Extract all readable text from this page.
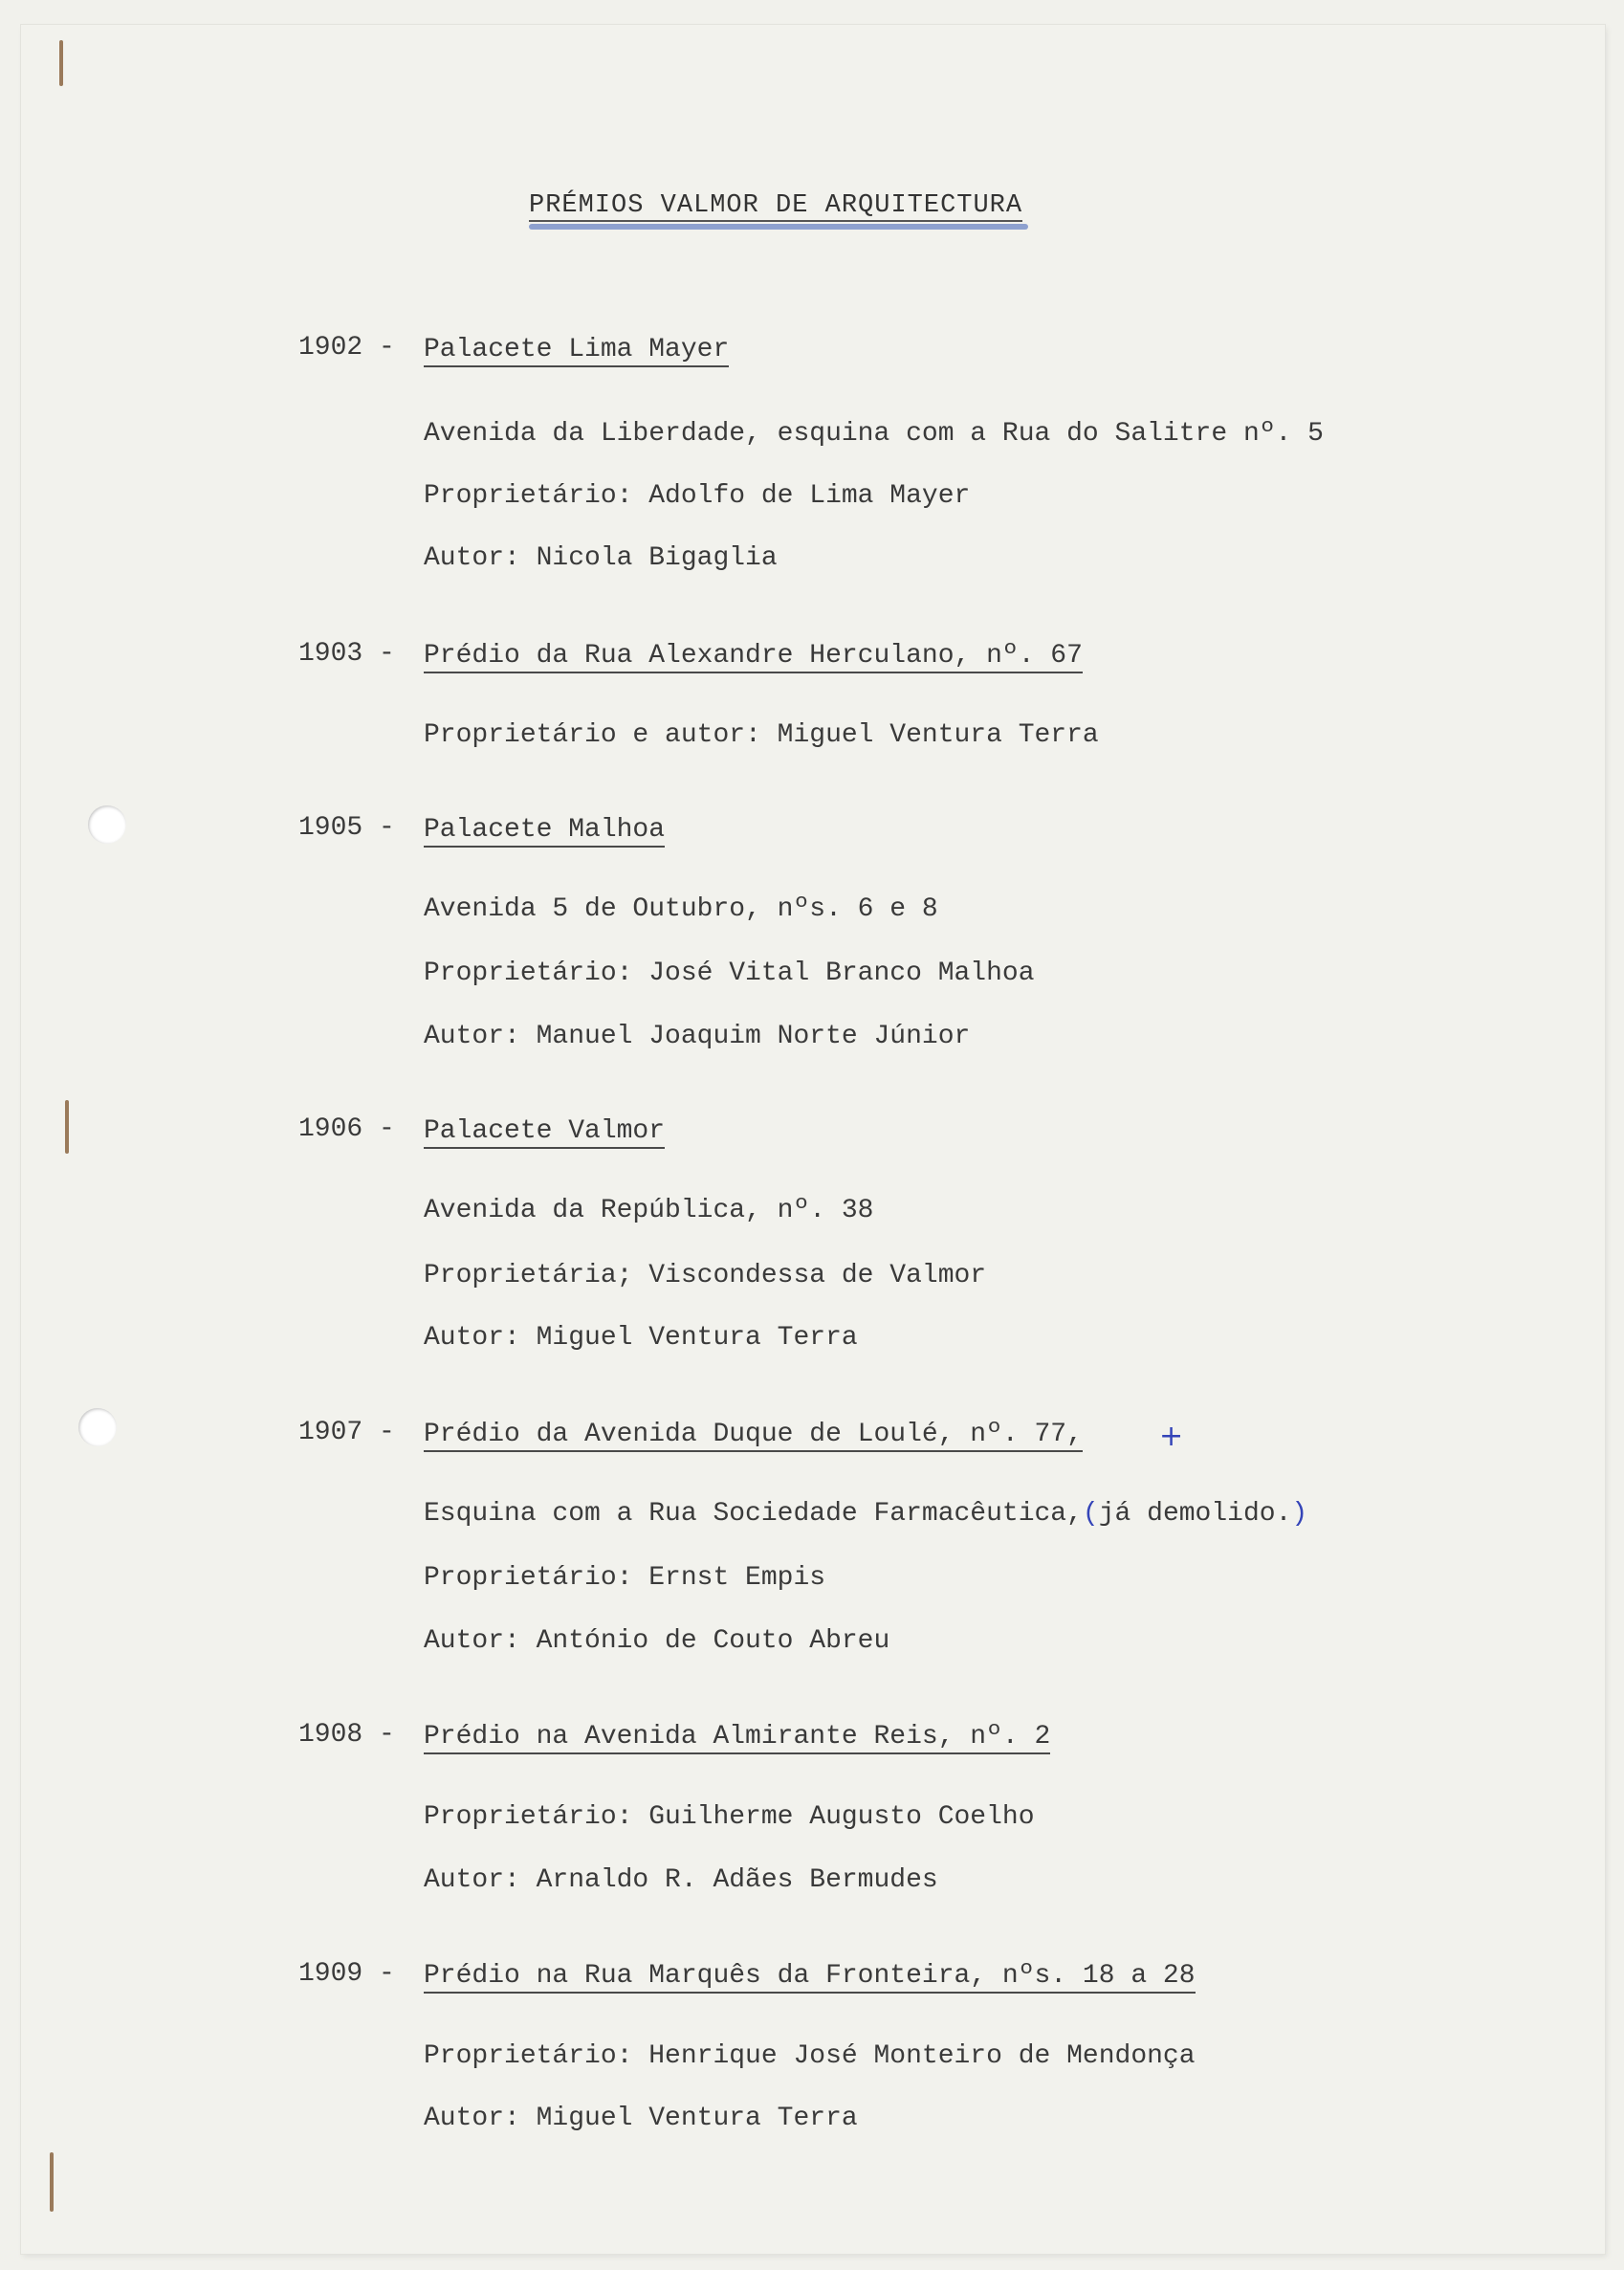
PRÉMIOS VALMOR DE ARQUITECTURA
1902 - Palacete Lima Mayer
Avenida da Liberdade, esquina com a Rua do Salitre nº. 5
Proprietário: Adolfo de Lima Mayer
Autor: Nicola Bigaglia
1903 - Prédio da Rua Alexandre Herculano, nº. 67
Proprietário e autor: Miguel Ventura Terra
1905 - Palacete Malhoa
Avenida 5 de Outubro, nºs. 6 e 8
Proprietário: José Vital Branco Malhoa
Autor: Manuel Joaquim Norte Júnior
1906 - Palacete Valmor
Avenida da República, nº. 38
Proprietária; Viscondessa de Valmor
Autor: Miguel Ventura Terra
1907 - Prédio da Avenida Duque de Loulé, nº. 77,	+
Esquina com a Rua Sociedade Farmacêutica,(já demolido.)
Proprietário: Ernst Empis
Autor: António de Couto Abreu
1908 - Prédio na Avenida Almirante Reis, nº. 2
Proprietário: Guilherme Augusto Coelho
Autor: Arnaldo R. Adães Bermudes
1909 - Prédio na Rua Marquês da Fronteira, nºs. 18 a 28
Proprietário: Henrique José Monteiro de Mendonça
Autor: Miguel Ventura Terra
